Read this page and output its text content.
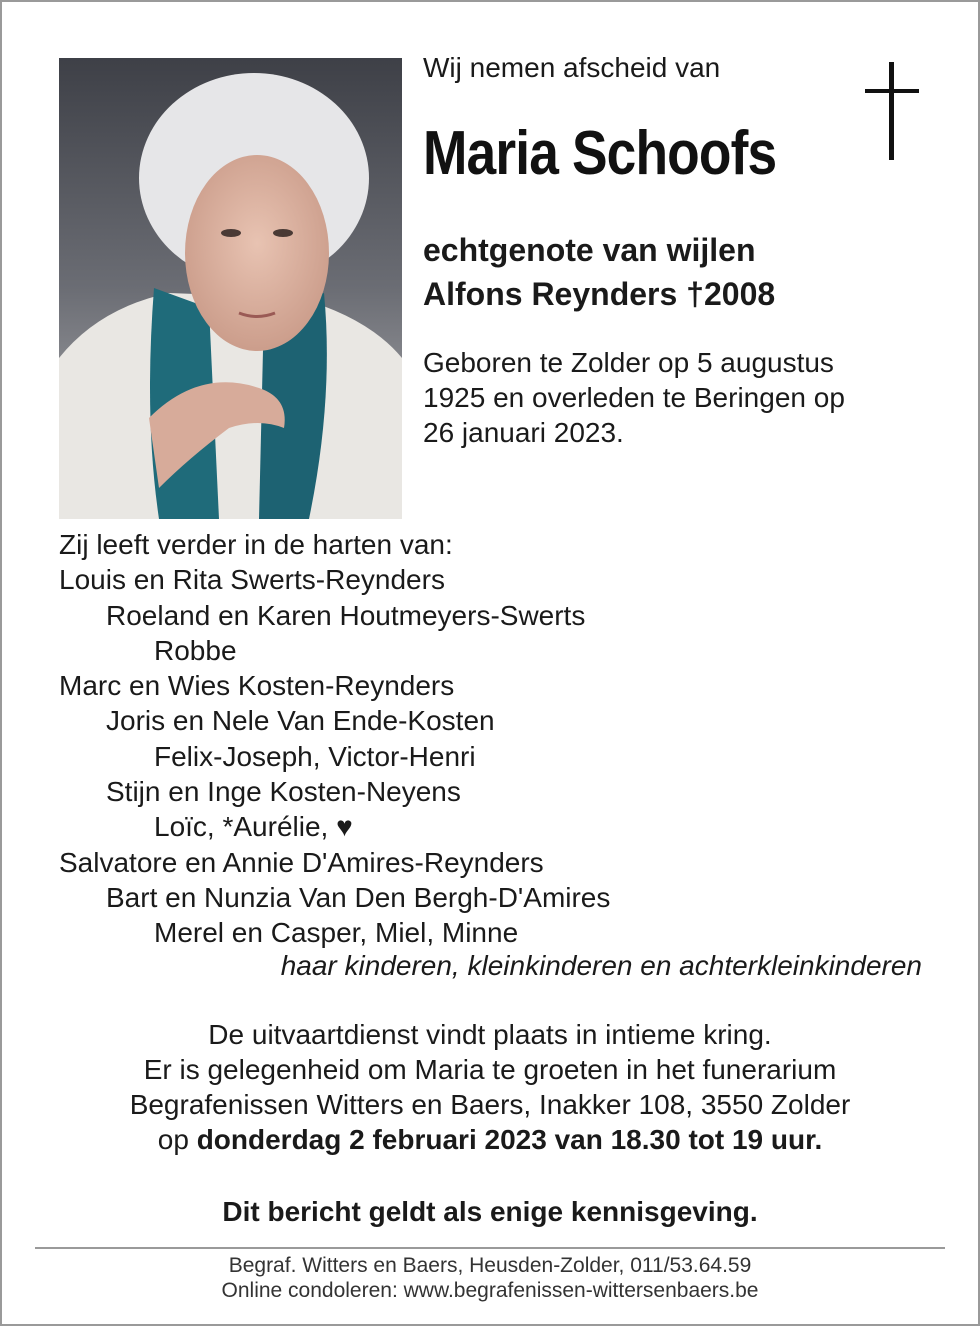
Wij nemen afscheid van
Maria Schoofs
echtgenote van wijlen
Alfons Reynders †2008
Geboren te Zolder op 5 augustus
1925 en overleden te Beringen op
26 januari 2023.
Zij leeft verder in de harten van:
Louis en Rita Swerts-Reynders
Roeland en Karen Houtmeyers-Swerts
Robbe
Marc en Wies Kosten-Reynders
Joris en Nele Van Ende-Kosten
Felix-Joseph, Victor-Henri
Stijn en Inge Kosten-Neyens
Loïc, *Aurélie, ♥
Salvatore en Annie D'Amires-Reynders
Bart en Nunzia Van Den Bergh-D'Amires
Merel en Casper, Miel, Minne
haar kinderen, kleinkinderen en achterkleinkinderen
De uitvaartdienst vindt plaats in intieme kring.
Er is gelegenheid om Maria te groeten in het funerarium
Begrafenissen Witters en Baers, Inakker 108, 3550 Zolder
op donderdag 2 februari 2023 van 18.30 tot 19 uur.
Dit bericht geldt als enige kennisgeving.
Begraf. Witters en Baers, Heusden-Zolder, 011/53.64.59
Online condoleren: www.begrafenissen-wittersenbaers.be
